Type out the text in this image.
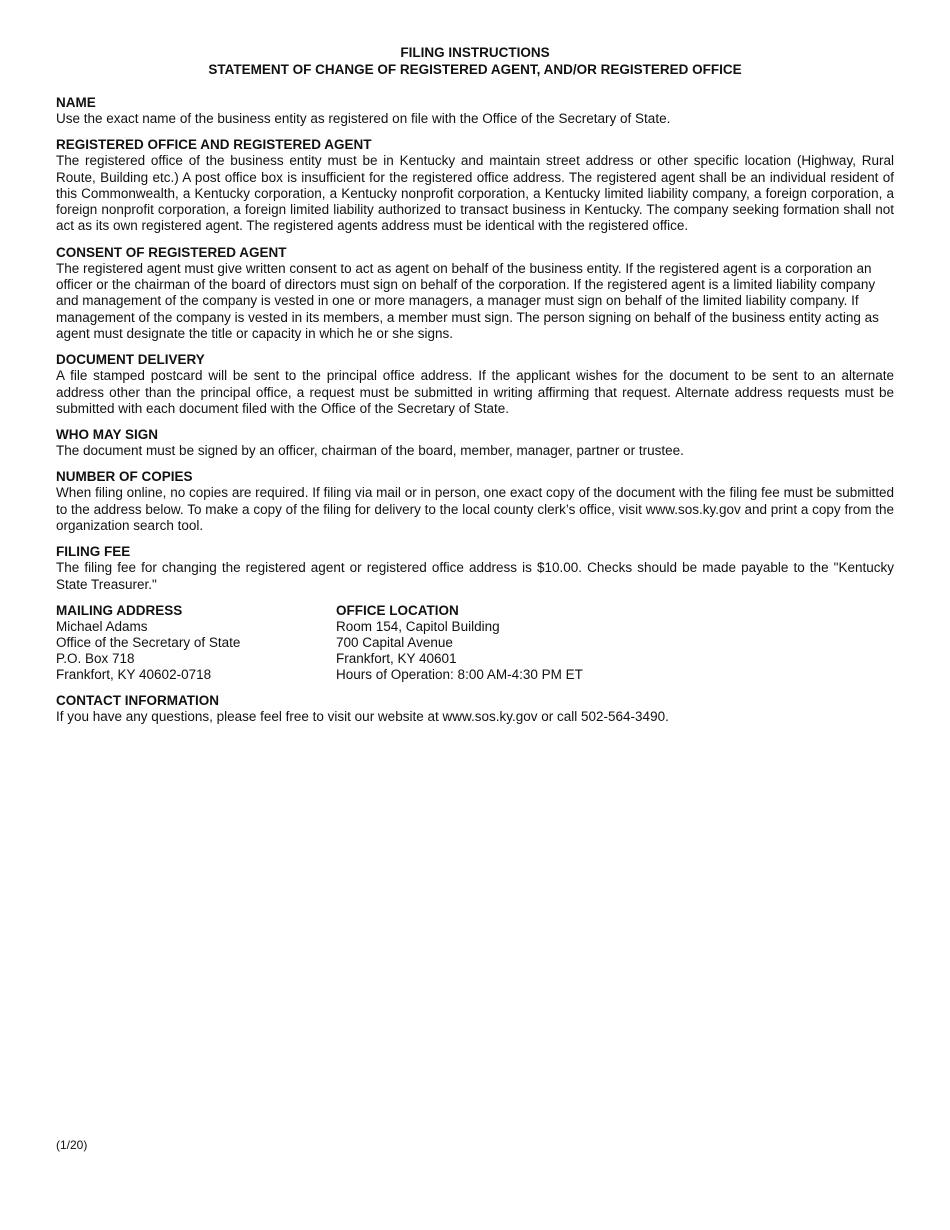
FILING INSTRUCTIONS

STATEMENT OF CHANGE OF REGISTERED AGENT, AND/OR REGISTERED OFFICE

NAME

Use the exact name of the business entity as registered on file with the Office of the Secretary of State.

REGISTERED OFFICE AND REGISTERED AGENT

The registered office of the business entity must be in Kentucky and maintain street address or other specific location (Highway, Rural Route, Building etc.) A post office box is insufficient for the registered office address. The registered agent shall be an individual resident of this Commonwealth, a Kentucky corporation, a Kentucky nonprofit corporation, a Kentucky limited liability company, a foreign corporation, a foreign nonprofit corporation, a foreign limited liability authorized to transact business in Kentucky. The company seeking formation shall not act as its own registered agent. The registered agents address must be identical with the registered office.

CONSENT OF REGISTERED AGENT

The registered agent must give written consent to act as agent on behalf of the business entity. If the registered agent is a corporation an officer or the chairman of the board of directors must sign on behalf of the corporation. If the registered agent is a limited liability company and management of the company is vested in one or more managers, a manager must sign on behalf of the limited liability company. If management of the company is vested in its members, a member must sign. The person signing on behalf of the business entity acting as agent must designate the title or capacity in which he or she signs.

DOCUMENT DELIVERY

A file stamped postcard will be sent to the principal office address. If the applicant wishes for the document to be sent to an alternate address other than the principal office, a request must be submitted in writing affirming that request. Alternate address requests must be submitted with each document filed with the Office of the Secretary of State.

WHO MAY SIGN

The document must be signed by an officer, chairman of the board, member, manager, partner or trustee.

NUMBER OF COPIES

When filing online, no copies are required. If filing via mail or in person, one exact copy of the document with the filing fee must be submitted to the address below. To make a copy of the filing for delivery to the local county clerk’s office, visit www.sos.ky.gov and print a copy from the organization search tool.

FILING FEE

The filing fee for changing the registered agent or registered office address is $10.00. Checks should be made payable to the "Kentucky State Treasurer."

MAILING ADDRESS

Michael Adams
Office of the Secretary of State
P.O. Box 718
Frankfort, KY 40602-0718

OFFICE LOCATION

Room 154, Capitol Building
700 Capital Avenue
Frankfort, KY 40601
Hours of Operation: 8:00 AM-4:30 PM ET

CONTACT INFORMATION

If you have any questions, please feel free to visit our website at www.sos.ky.gov or call 502-564-3490.

(1/20)
